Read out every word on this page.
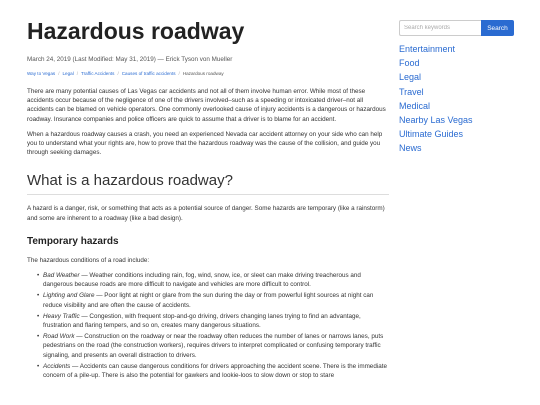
Hazardous roadway
March 24, 2019 (Last Modified: May 31, 2019) — Erick Tyson von Mueller
Way to Vegas / Legal / Traffic Accidents / Causes of traffic accidents / Hazardous roadway

There are many potential causes of Las Vegas car accidents and not all of them involve human error. While most of these accidents occur because of the negligence of one of the drivers involved–such as a speeding or intoxicated driver–not all accidents can be blamed on vehicle operators. One commonly overlooked cause of injury accidents is a dangerous or hazardous roadway. Insurance companies and police officers are quick to assume that a driver is to blame for an accident.

When a hazardous roadway causes a crash, you need an experienced Nevada car accident attorney on your side who can help you to understand what your rights are, how to prove that the hazardous roadway was the cause of the collision, and guide you through seeking damages.

What is a hazardous roadway?

A hazard is a danger, risk, or something that acts as a potential source of danger. Some hazards are temporary (like a rainstorm) and some are inherent to a roadway (like a bad design).

Temporary hazards

The hazardous conditions of a road include:

• Bad Weather — Weather conditions including rain, fog, wind, snow, ice, or sleet can make driving treacherous and dangerous because roads are more difficult to navigate and vehicles are more difficult to control.
• Lighting and Glare — Poor light at night or glare from the sun during the day or from powerful light sources at night can reduce visibility and are often the cause of accidents.
• Heavy Traffic — Congestion, with frequent stop-and-go driving, drivers changing lanes trying to find an advantage, frustration and flaring tempers, and so on, creates many dangerous situations.
• Road Work — Construction on the roadway or near the roadway often reduces the number of lanes or narrows lanes, puts pedestrians on the road (the construction workers), requires drivers to interpret complicated or confusing temporary traffic signaling, and presents an overall distraction to drivers.
• Accidents — Accidents can cause dangerous conditions for drivers approaching the accident scene. There is the immediate concern of a pile-up. There is also the potential for gawkers and lookie-loos to slow down or stop to stare
Search keywords
Search
Entertainment
Food
Legal
Travel
Medical
Nearby Las Vegas
Ultimate Guides
News
